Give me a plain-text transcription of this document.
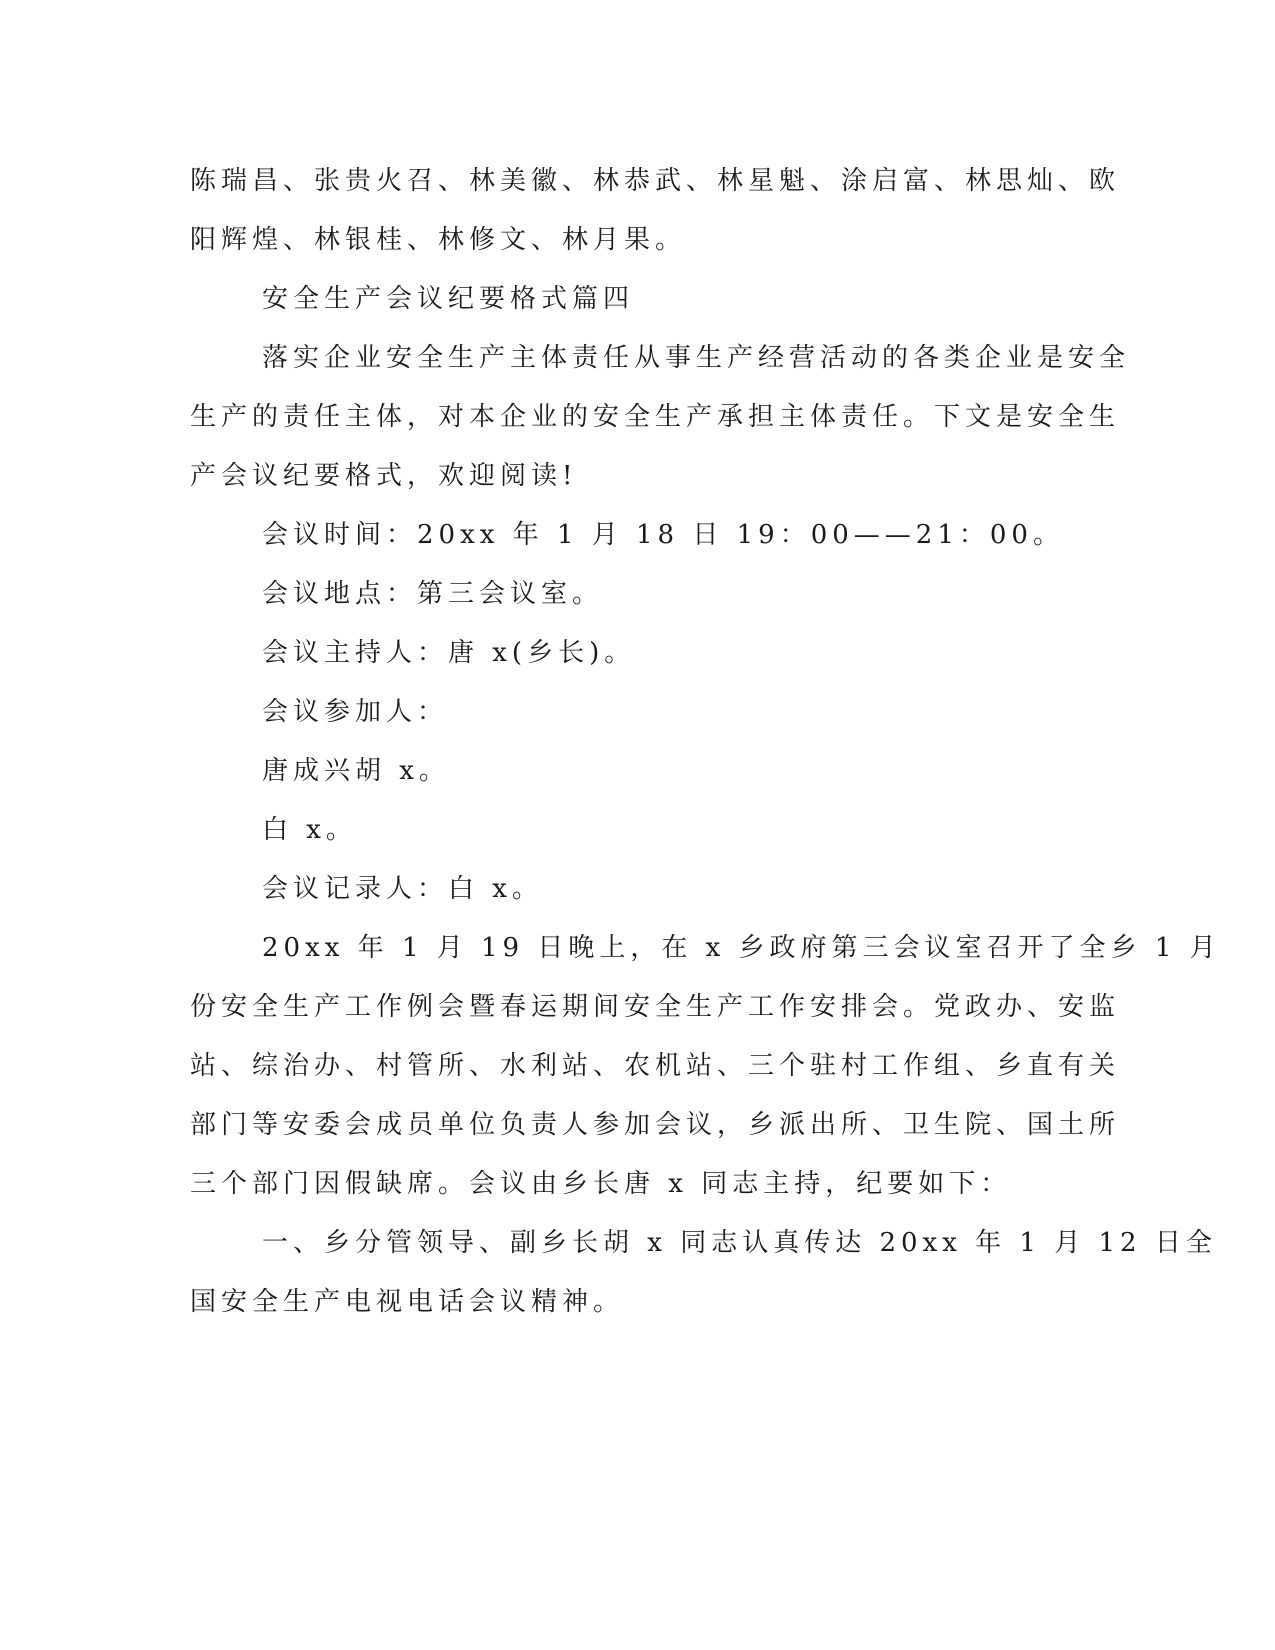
陈瑞昌、张贵火召、林美徽、林恭武、林星魁、涂启富、林思灿、欧
阳辉煌、林银桂、林修文、林月果。
安全生产会议纪要格式篇四
落实企业安全生产主体责任从事生产经营活动的各类企业是安全
生产的责任主体，对本企业的安全生产承担主体责任。下文是安全生
产会议纪要格式，欢迎阅读!
会议时间：20xx 年 1 月 18 日 19：00——21：00。
会议地点：第三会议室。
会议主持人：唐 x(乡长)。
会议参加人：
唐成兴胡 x。
白 x。
会议记录人：白 x。
20xx 年 1 月 19 日晚上，在 x 乡政府第三会议室召开了全乡 1 月
份安全生产工作例会暨春运期间安全生产工作安排会。党政办、安监
站、综治办、村管所、水利站、农机站、三个驻村工作组、乡直有关
部门等安委会成员单位负责人参加会议，乡派出所、卫生院、国土所
三个部门因假缺席。会议由乡长唐 x 同志主持，纪要如下：
一、乡分管领导、副乡长胡 x 同志认真传达 20xx 年 1 月 12 日全
国安全生产电视电话会议精神。
